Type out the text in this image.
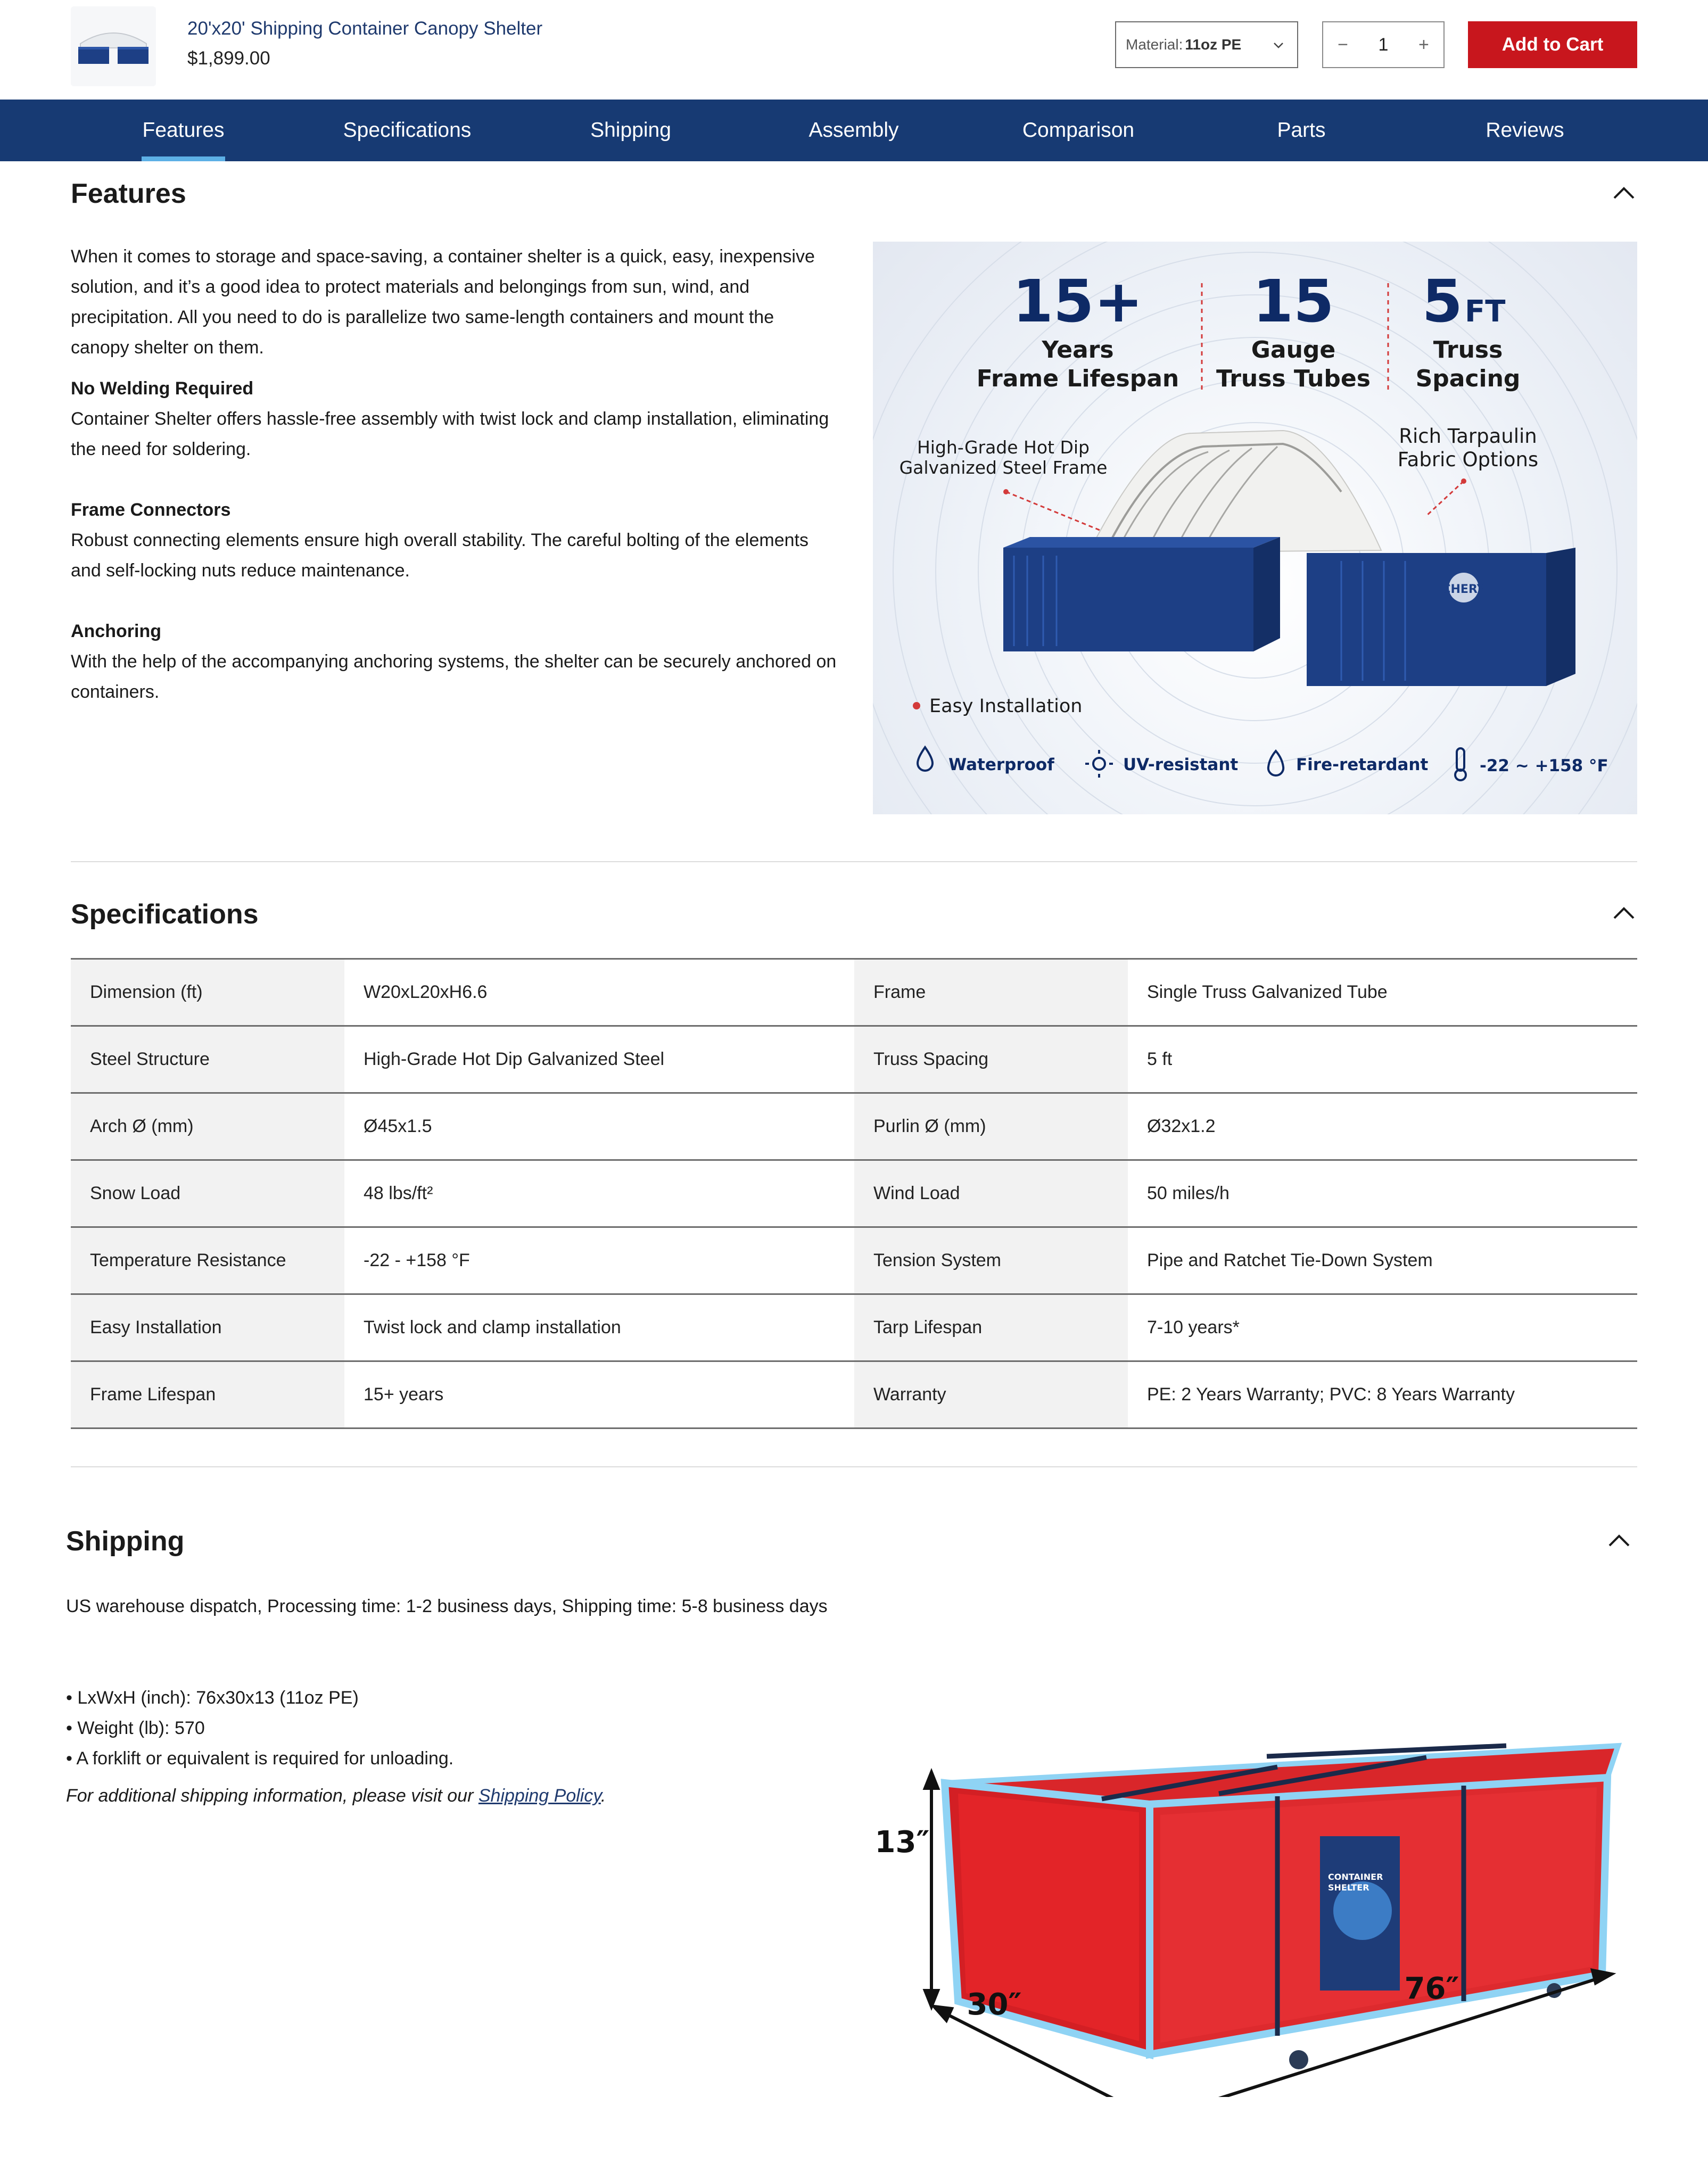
20'x20' Shipping Container Canopy Shelter
$1,899.00
Material: 11oz PE	− 1 +	Add to Cart
Features	Specifications	Shipping	Assembly	Comparison	Parts	Reviews
Features
When it comes to storage and space-saving, a container shelter is a quick, easy, inexpensive solution, and it’s a good idea to protect materials and belongings from sun, wind, and precipitation. All you need to do is parallelize two same-length containers and mount the canopy shelter on them.
No Welding Required
Container Shelter offers hassle-free assembly with twist lock and clamp installation, eliminating the need for soldering.
Frame Connectors
Robust connecting elements ensure high overall stability. The careful bolting of the elements and self-locking nuts reduce maintenance.
Anchoring
With the help of the accompanying anchoring systems, the shelter can be securely anchored on containers.
15+
Years
Frame Lifespan
15
Gauge
Truss Tubes
5 FT
Truss
Spacing
High-Grade Hot Dip
Galvanized Steel Frame
Rich Tarpaulin
Fabric Options
CHERY
Easy Installation
Waterproof	UV-resistant	Fire-retardant	-22 ~ +158 °F
Specifications
Dimension (ft)	W20xL20xH6.6	Frame	Single Truss Galvanized Tube
Steel Structure	High-Grade Hot Dip Galvanized Steel	Truss Spacing	5 ft
Arch Ø (mm)	Ø45x1.5	Purlin Ø (mm)	Ø32x1.2
Snow Load	48 lbs/ft²	Wind Load	50 miles/h
Temperature Resistance	-22 - +158 °F	Tension System	Pipe and Ratchet Tie-Down System
Easy Installation	Twist lock and clamp installation	Tarp Lifespan	7-10 years*
Frame Lifespan	15+ years	Warranty	PE: 2 Years Warranty; PVC: 8 Years Warranty
Shipping
US warehouse dispatch, Processing time: 1-2 business days, Shipping time: 5-8 business days
• LxWxH (inch): 76x30x13 (11oz PE)
• Weight (lb): 570
• A forklift or equivalent is required for unloading.
For additional shipping information, please visit our Shipping Policy.
CONTAINER
SHELTER
13″
30″	76″
